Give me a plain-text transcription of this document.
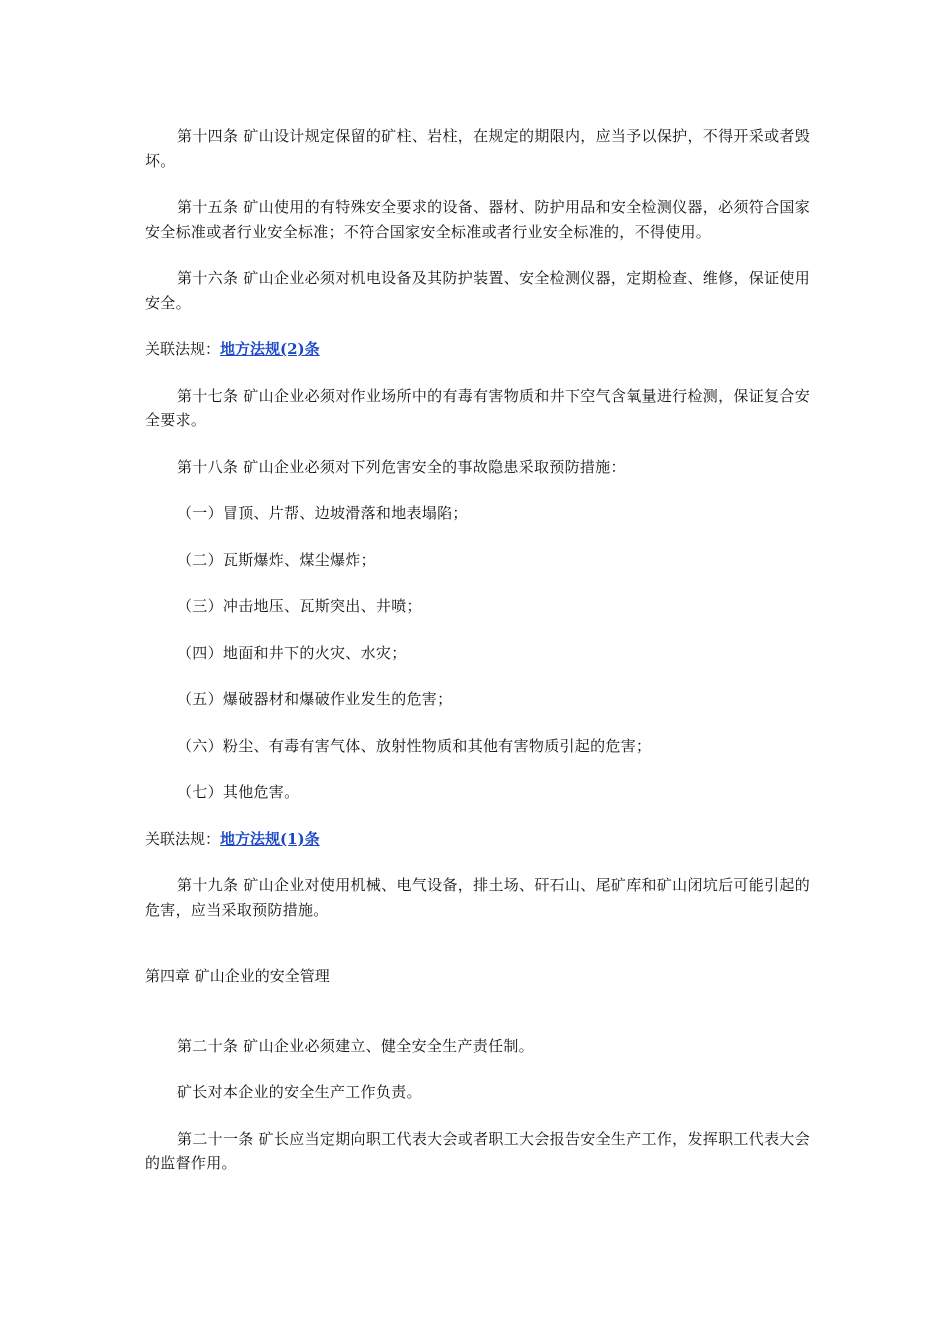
第十四条 矿山设计规定保留的矿柱、岩柱，在规定的期限内，应当予以保护，不得开采或者毁坏。

第十五条 矿山使用的有特殊安全要求的设备、器材、防护用品和安全检测仪器，必须符合国家安全标准或者行业安全标准；不符合国家安全标准或者行业安全标准的，不得使用。

第十六条 矿山企业必须对机电设备及其防护装置、安全检测仪器，定期检查、维修，保证使用安全。

关联法规：地方法规(2)条

第十七条 矿山企业必须对作业场所中的有毒有害物质和井下空气含氧量进行检测，保证复合安全要求。

第十八条 矿山企业必须对下列危害安全的事故隐患采取预防措施：

（一）冒顶、片帮、边坡滑落和地表塌陷；

（二）瓦斯爆炸、煤尘爆炸；

（三）冲击地压、瓦斯突出、井喷；

（四）地面和井下的火灾、水灾；

（五）爆破器材和爆破作业发生的危害；

（六）粉尘、有毒有害气体、放射性物质和其他有害物质引起的危害；

（七）其他危害。

关联法规：地方法规(1)条

第十九条 矿山企业对使用机械、电气设备，排土场、矸石山、尾矿库和矿山闭坑后可能引起的危害，应当采取预防措施。

第四章 矿山企业的安全管理

第二十条 矿山企业必须建立、健全安全生产责任制。

矿长对本企业的安全生产工作负责。

第二十一条 矿长应当定期向职工代表大会或者职工大会报告安全生产工作，发挥职工代表大会的监督作用。
